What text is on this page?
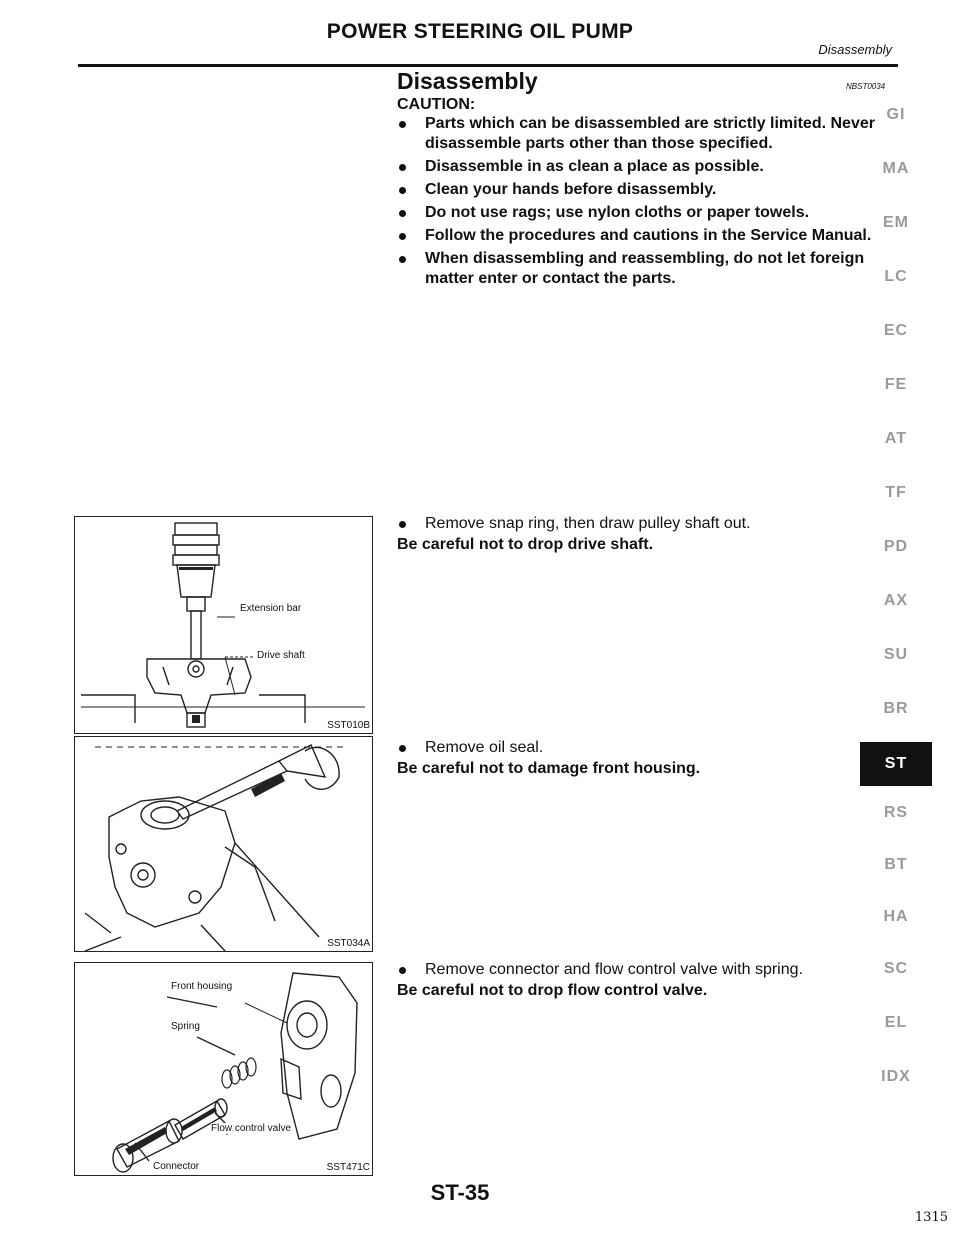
POWER STEERING OIL PUMP
Disassembly
Disassembly	NBST0034
CAUTION:
Parts which can be disassembled are strictly limited. Never disassemble parts other than those specified.
Disassemble in as clean a place as possible.
Clean your hands before disassembly.
Do not use rags; use nylon cloths or paper towels.
Follow the procedures and cautions in the Service Manual.
When disassembling and reassembling, do not let foreign matter enter or contact the parts.
Extension bar
Drive shaft
SST010B
SST034A
Front housing
Spring
Flow control valve
Connector	SST471C
Remove snap ring, then draw pulley shaft out.
Be careful not to drop drive shaft.
Remove oil seal.
Be careful not to damage front housing.
Remove connector and flow control valve with spring.
Be careful not to drop flow control valve.
GI
MA
EM
LC
EC
FE
AT
TF
PD
AX
SU
BR
ST
RS
BT
HA
SC
EL
IDX
ST-35
1315
